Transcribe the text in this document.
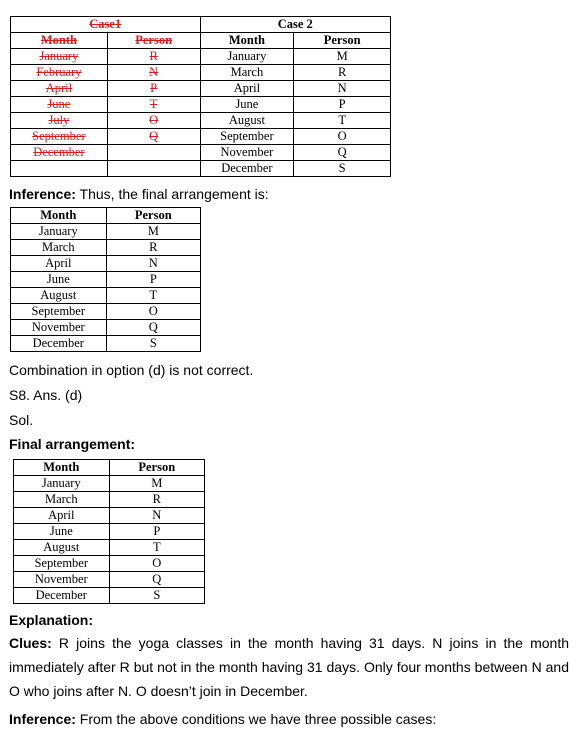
Case1		Case 2	
Month	Person	Month	Person
January	R	January	M
February	N	March	R
April	P	April	N
June	T	June	P
July	O	August	T
September	Q	September	O
December		November	Q
		December	S
Inference: Thus, the final arrangement is:
Month	Person
January	M
March	R
April	N
June	P
August	T
September	O
November	Q
December	S
Combination in option (d) is not correct.
S8. Ans. (d)
Sol.
Final arrangement:
Month	Person
January	M
March	R
April	N
June	P
August	T
September	O
November	Q
December	S
Explanation:
Clues: R joins the yoga classes in the month having 31 days. N joins in the month immediately after R but not in the month having 31 days. Only four months between N and O who joins after N. O doesn’t join in December.
Inference: From the above conditions we have three possible cases:
